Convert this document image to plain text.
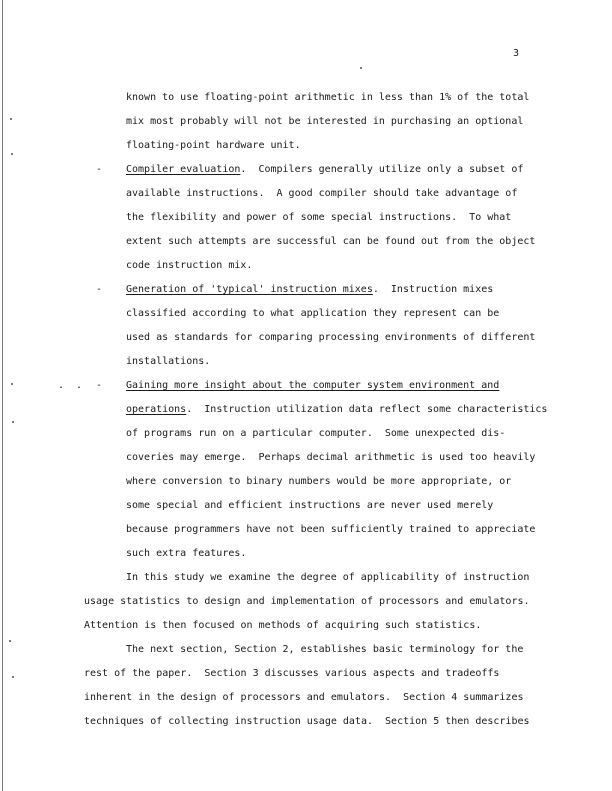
3
known to use floating-point arithmetic in less than 1% of the total
mix most probably will not be interested in purchasing an optional
floating-point hardware unit.
- Compiler evaluation.  Compilers generally utilize only a subset of
available instructions.  A good compiler should take advantage of
the flexibility and power of some special instructions.  To what
extent such attempts are successful can be found out from the object
code instruction mix.
- Generation of 'typical' instruction mixes.  Instruction mixes
classified according to what application they represent can be
used as standards for comparing processing environments of different
installations.
.  . - Gaining more insight about the computer system environment and
operations.  Instruction utilization data reflect some characteristics
of programs run on a particular computer.  Some unexpected dis-
coveries may emerge.  Perhaps decimal arithmetic is used too heavily
where conversion to binary numbers would be more appropriate, or
some special and efficient instructions are never used merely
because programmers have not been sufficiently trained to appreciate
such extra features.
In this study we examine the degree of applicability of instruction
usage statistics to design and implementation of processors and emulators.
Attention is then focused on methods of acquiring such statistics.
The next section, Section 2, establishes basic terminology for the
rest of the paper.  Section 3 discusses various aspects and tradeoffs
inherent in the design of processors and emulators.  Section 4 summarizes
techniques of collecting instruction usage data.  Section 5 then describes
